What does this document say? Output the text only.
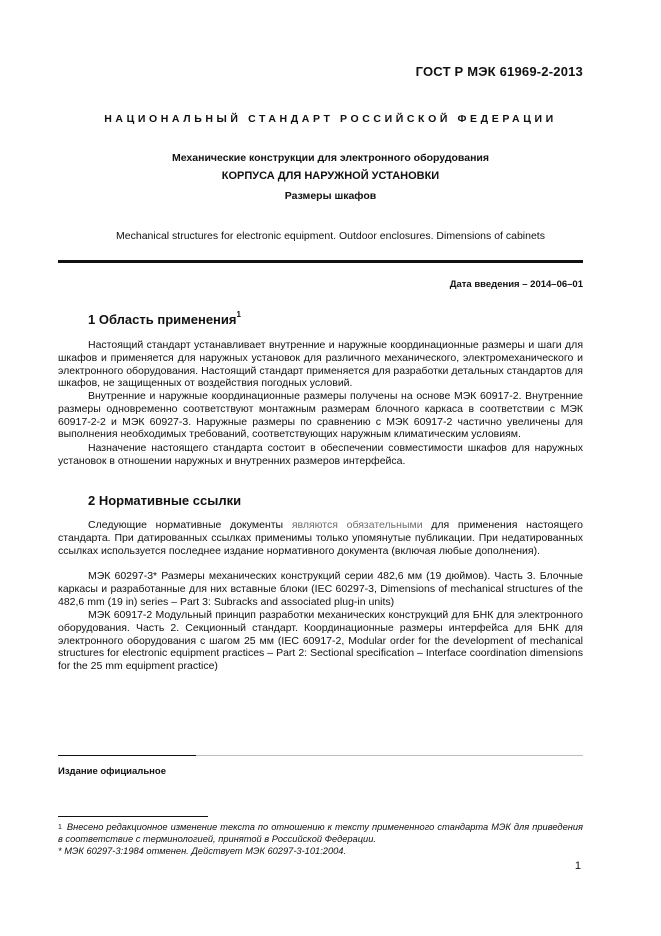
ГОСТ Р МЭК 61969-2-2013
НАЦИОНАЛЬНЫЙ СТАНДАРТ РОССИЙСКОЙ ФЕДЕРАЦИИ
Механические конструкции для электронного оборудования
КОРПУСА ДЛЯ НАРУЖНОЙ УСТАНОВКИ
Размеры шкафов
Mechanical structures for electronic equipment. Outdoor enclosures. Dimensions of cabinets
Дата введения – 2014–06–01
1 Область применения$^1$
Настоящий стандарт устанавливает внутренние и наружные координационные размеры и шаги для шкафов и применяется для наружных установок для различного механического, электромеханического и электронного оборудования. Настоящий стандарт применяется для разработки детальных стандартов для шкафов, не защищенных от воздействия погодных условий.
Внутренние и наружные координационные размеры получены на основе МЭК 60917-2. Внутренние размеры одновременно соответствуют монтажным размерам блочного каркаса в соответствии с МЭК 60917-2-2 и МЭК 60927-3. Наружные размеры по сравнению с МЭК 60917-2 частично увеличены для выполнения необходимых требований, соответствующих наружным климатическим условиям.
Назначение настоящего стандарта состоит в обеспечении совместимости шкафов для наружных установок в отношении наружных и внутренних размеров интерфейса.
2 Нормативные ссылки
Следующие нормативные документы являются обязательными для применения настоящего стандарта. При датированных ссылках применимы только упомянутые публикации. При недатированных ссылках используется последнее издание нормативного документа (включая любые дополнения).
МЭК 60297-3* Размеры механических конструкций серии 482,6 мм (19 дюймов). Часть 3. Блочные каркасы и разработанные для них вставные блоки (IEC 60297-3, Dimensions of mechanical structures of the 482,6 mm (19 in) series – Part 3: Subracks and associated plug-in units)
МЭК 60917-2 Модульный принцип разработки механических конструкций для БНК для электронного оборудования. Часть 2. Секционный стандарт. Координационные размеры интерфейса для БНК для электронного оборудования с шагом 25 мм (IEC 60917-2, Modular order for the development of mechanical structures for electronic equipment practices – Part 2: Sectional specification – Interface coordination dimensions for the 25 mm equipment practice)
Издание официальное
$^1$ Внесено редакционное изменение текста по отношению к тексту примененного стандарта МЭК для приведения в соответствие с терминологией, принятой в Российской Федерации.
* МЭК 60297-3:1984 отменен. Действует МЭК 60297-3-101:2004.
1
